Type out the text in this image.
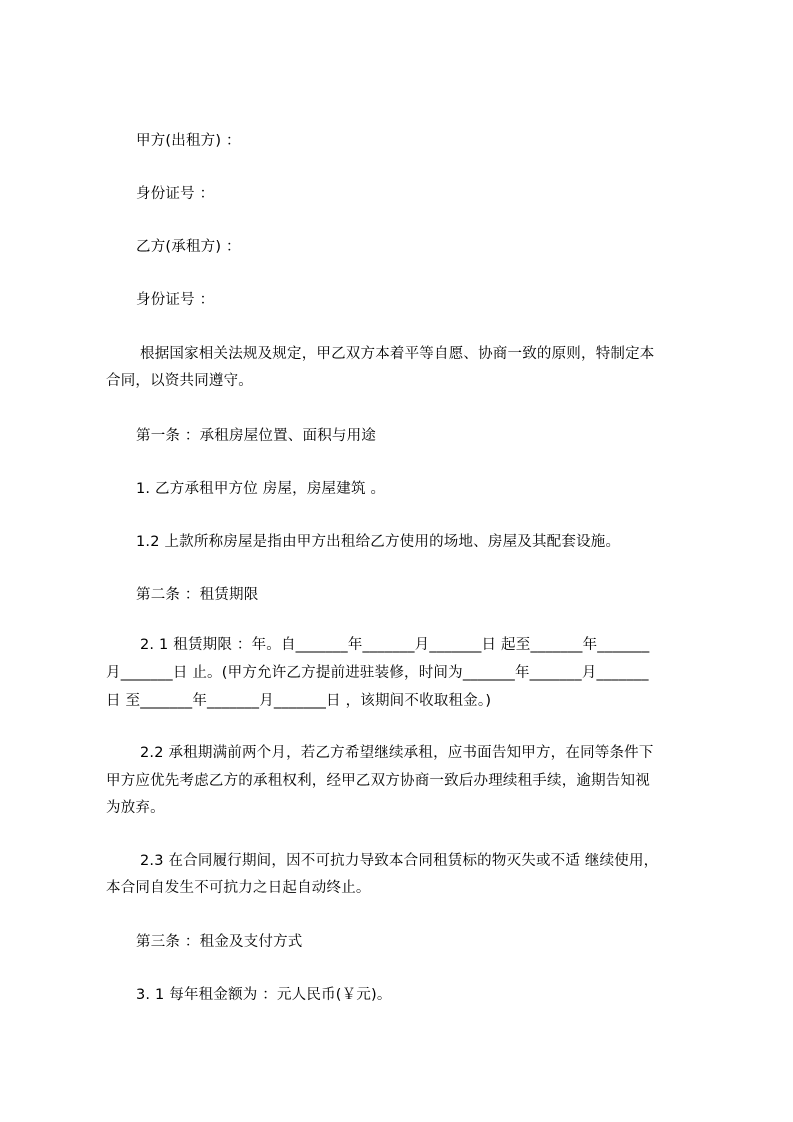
甲方(出租方) ：
身份证号 ：
乙方(承租方) ：
身份证号 ：
根据国家相关法规及规定，甲乙双方本着平等自愿、协商一致的原则，特制定本
合同，以资共同遵守。
第一条 ：承租房屋位置、面积与用途
1. 乙方承租甲方位 房屋，房屋建筑 。
1.2 上款所称房屋是指由甲方出租给乙方使用的场地、房屋及其配套设施。
第二条 ：租赁期限
2. 1 租赁期限 ：年。自_______年_______月_______日 起至_______年_______
月_______日 止。(甲方允许乙方提前进驻装修，时间为_______年_______月_______
日 至_______年_______月_______日 ，该期间不收取租金。)
2.2 承租期满前两个月，若乙方希望继续承租，应书面告知甲方，在同等条件下
甲方应优先考虑乙方的承租权利，经甲乙双方协商一致后办理续租手续，逾期告知视
为放弃。
2.3 在合同履行期间，因不可抗力导致本合同租赁标的物灭失或不适 继续使用，
本合同自发生不可抗力之日起自动终止。
第三条 ：租金及支付方式
3. 1 每年租金额为 ：元人民币(￥元)。
